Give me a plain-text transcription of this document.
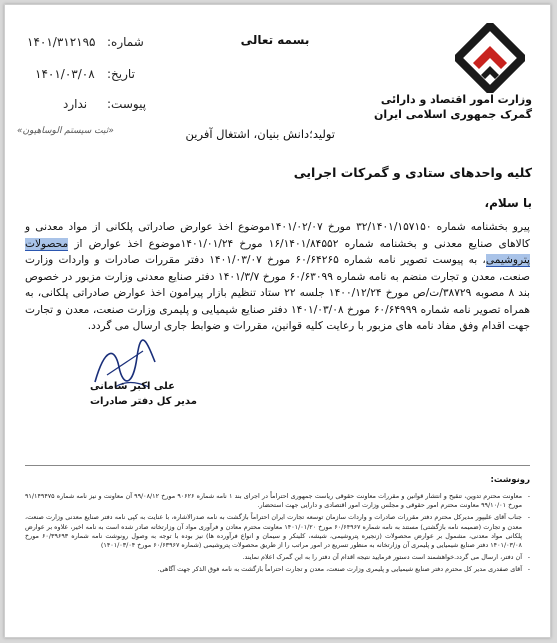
بسمه تعالی
شماره:
۱۴۰۱/۳۱۲۱۹۵
تاریخ:
۱۴۰۱/۰۳/۰۸
پیوست:
ندارد
«ثبت سیستم الوساهیون»
وزارت امور اقتصاد و دارائی
گمرک جمهوری اسلامی ایران
تولید؛دانش بنیان، اشتغال آفرین
کلیه واحدهای ستادی و گمرکات اجرایی
با سلام،
پیرو بخشنامه شماره ۳۲/۱۴۰۱/۱۵۷۱۵۰ مورخ ۱۴۰۱/۰۲/۰۷موضوع اخذ عوارض صادراتی پلکانی از مواد معدنی و کالاهای صنایع معدنی و بخشنامه شماره ۱۶/۱۴۰۱/۸۴۵۵۲ مورخ ۱۴۰۱/۰۱/۲۴موضوع اخذ عوارض از محصولات پتروشیمی، به پیوست تصویر نامه شماره ۶۰/۶۴۲۶۵ مورخ ۱۴۰۱/۰۳/۰۷ دفتر مقررات صادرات و واردات وزارت صنعت، معدن و تجارت منضم به نامه شماره ۶۰/۶۳۰۹۹ مورخ ۱۴۰۱/۳/۷ دفتر صنایع معدنی وزارت مزبور در خصوص بند ۸ مصوبه ۳۸۷۲۹/ت/ص مورخ ۱۴۰۰/۱۲/۲۴ جلسه ۲۲ ستاد تنظیم بازار پیرامون اخذ عوارض صادراتی پلکانی، به همراه تصویر نامه شماره ۶۰/۶۴۹۹۹ مورخ ۱۴۰۱/۰۳/۰۸ دفتر صنایع شیمیایی و پلیمری وزارت صنعت، معدن و تجارت جهت اقدام وفق مفاد نامه های مزبور با رعایت کلیه قوانین، مقررات و ضوابط جاری ارسال می گردد.
علی اکبر شامانی
مدیر کل دفتر صادرات
رونوشت:
- معاونت محترم تدوین، تنقیح و انتشار قوانین و مقررات معاونت حقوقی ریاست جمهوری احتراماً در اجرای بند ۱ نامه شماره ۹۰۶۲۶ مورخ ۹۹/۰۸/۱۲ آن معاونت و نیز نامه شماره ۹۱/۱۴۹۴۷۵ مورخ ۹۹/۱۰/۰۱ معاونت محترم امور حقوقی و مجلس وزارت امور اقتصادی و دارایی جهت استحضار.
- جناب آقای علیپور مدیرکل محترم دفتر مقررات صادرات و واردات سازمان توسعه تجارت ایران احتراماً بازگشت به نامه صدرالاشاره، با عنایت به کپی نامه دفتر صنایع معدنی وزارت صنعت، معدن و تجارت (ضمیمه نامه بازگشتی) مستند به نامه شماره ۶۰/۶۴۹۶۷ مورخ ۱۴۰۱/۰۱/۲۰ معاونت محترم معادن و فرآوری مواد آن وزارتخانه صادر شده است به نامه اخیر، علاوه بر عوارض پلکانی مواد معدنی، مشمول بر عوارض محصولات (زنجیره پتروشیمی، شیشه، کلینکر و سیمان و انواع فرآورده ها) نیز بوده با توجه به وصول رونوشت نامه شماره ۶۰/۳۹۶۹۳ مورخ ۱۴۰۱/۰۳/۰۸ دفتر صنایع شیمیایی و پلیمری آن وزارتخانه به منظور تسریع در امور مراتب را از طریق محصولات پتروشیمی (شماره ۶۰/۶۳۹۶۷ مورخ ۱۴۰۱/۰۳/۰۴)
- آن دفتر، ارسال می گردد.خواهشمند است دستور فرمایید نتیجه اقدام آن دفتر را به این گمرک اعلام نمایند.
- آقای صفدری مدیر کل محترم دفتر صنایع شیمیایی و پلیمری وزارت صنعت، معدن و تجارت احتراماً بازگشت به نامه فوق الذکر جهت آگاهی.
